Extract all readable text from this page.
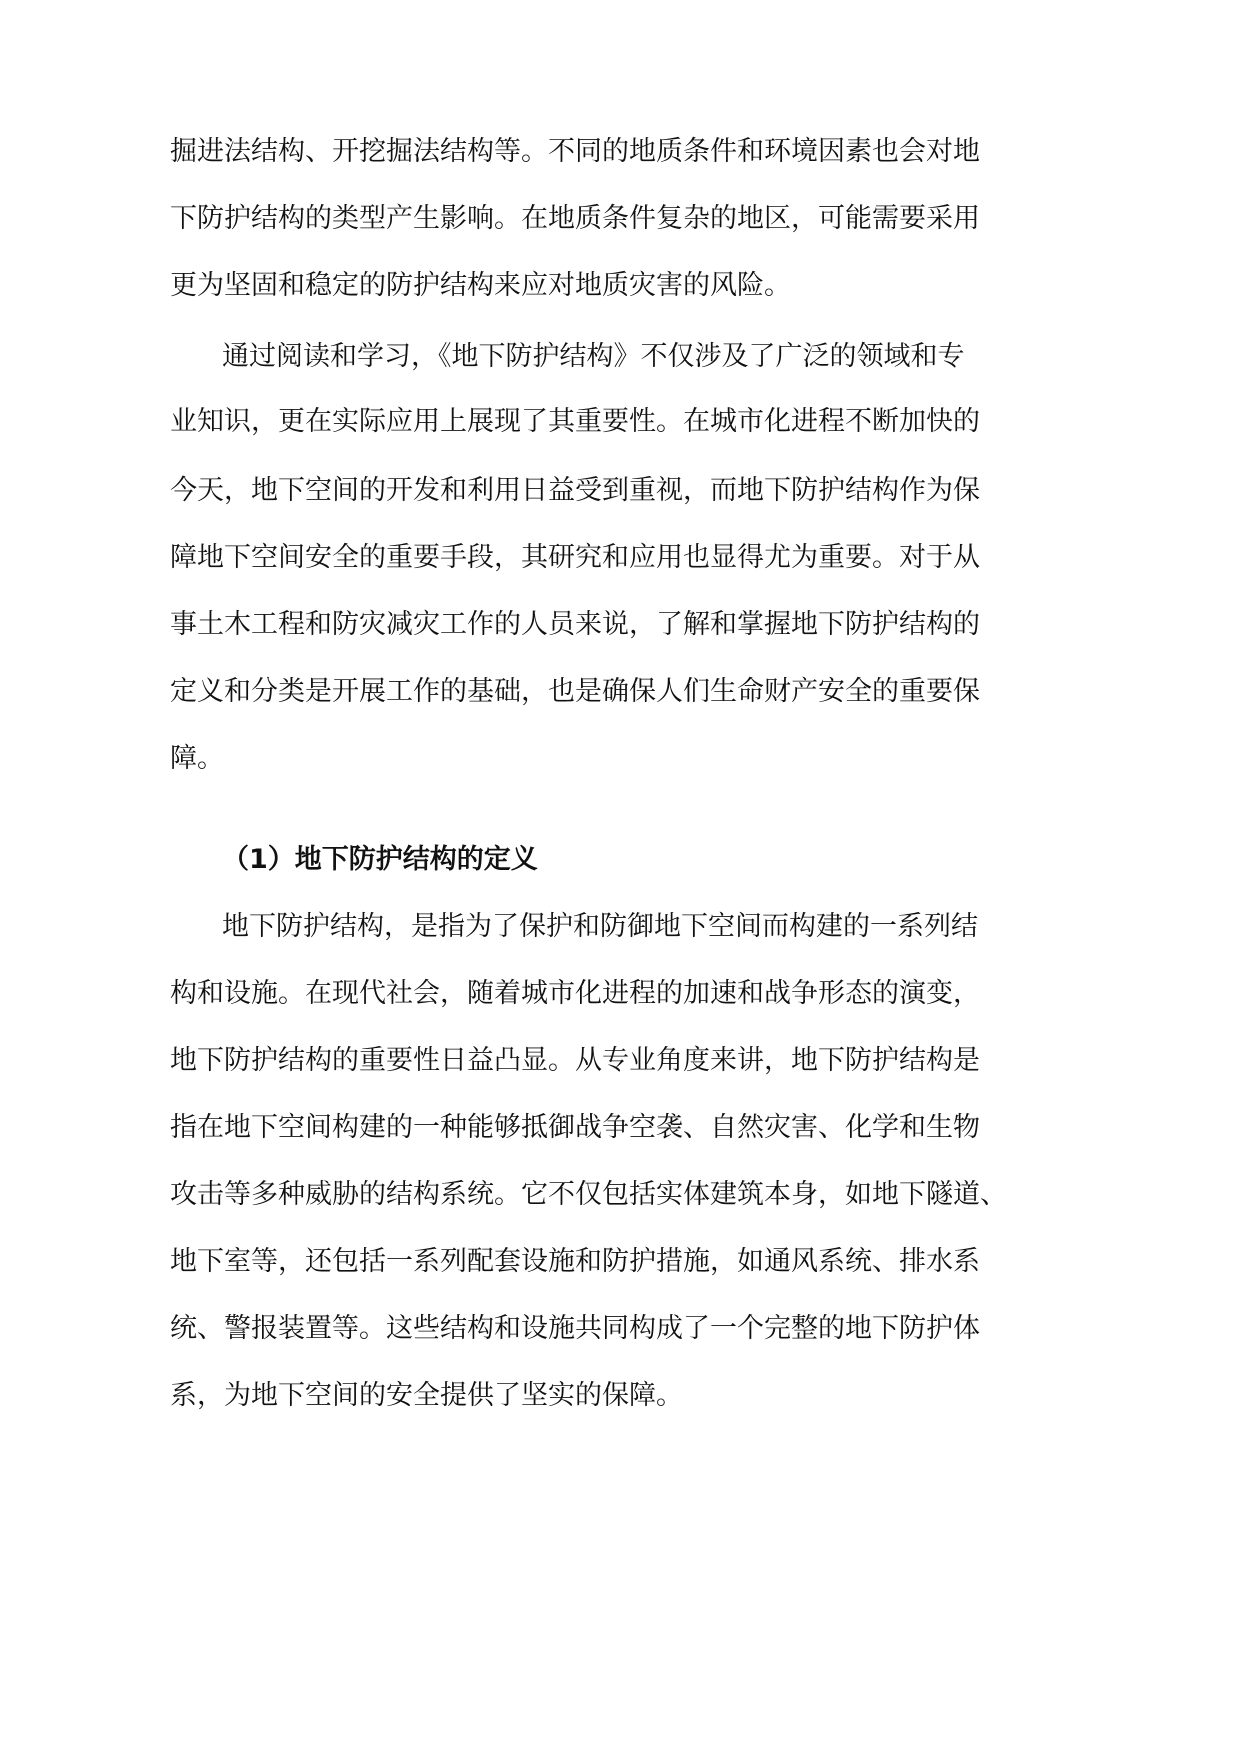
掘进法结构、开挖掘法结构等。不同的地质条件和环境因素也会对地
下防护结构的类型产生影响。在地质条件复杂的地区，可能需要采用
更为坚固和稳定的防护结构来应对地质灾害的风险。
通过阅读和学习，《地下防护结构》不仅涉及了广泛的领域和专
业知识，更在实际应用上展现了其重要性。在城市化进程不断加快的
今天，地下空间的开发和利用日益受到重视，而地下防护结构作为保
障地下空间安全的重要手段，其研究和应用也显得尤为重要。对于从
事土木工程和防灾减灾工作的人员来说，了解和掌握地下防护结构的
定义和分类是开展工作的基础，也是确保人们生命财产安全的重要保
障。
（1）地下防护结构的定义
地下防护结构，是指为了保护和防御地下空间而构建的一系列结
构和设施。在现代社会，随着城市化进程的加速和战争形态的演变，
地下防护结构的重要性日益凸显。从专业角度来讲，地下防护结构是
指在地下空间构建的一种能够抵御战争空袭、自然灾害、化学和生物
攻击等多种威胁的结构系统。它不仅包括实体建筑本身，如地下隧道、
地下室等，还包括一系列配套设施和防护措施，如通风系统、排水系
统、警报装置等。这些结构和设施共同构成了一个完整的地下防护体
系，为地下空间的安全提供了坚实的保障。
